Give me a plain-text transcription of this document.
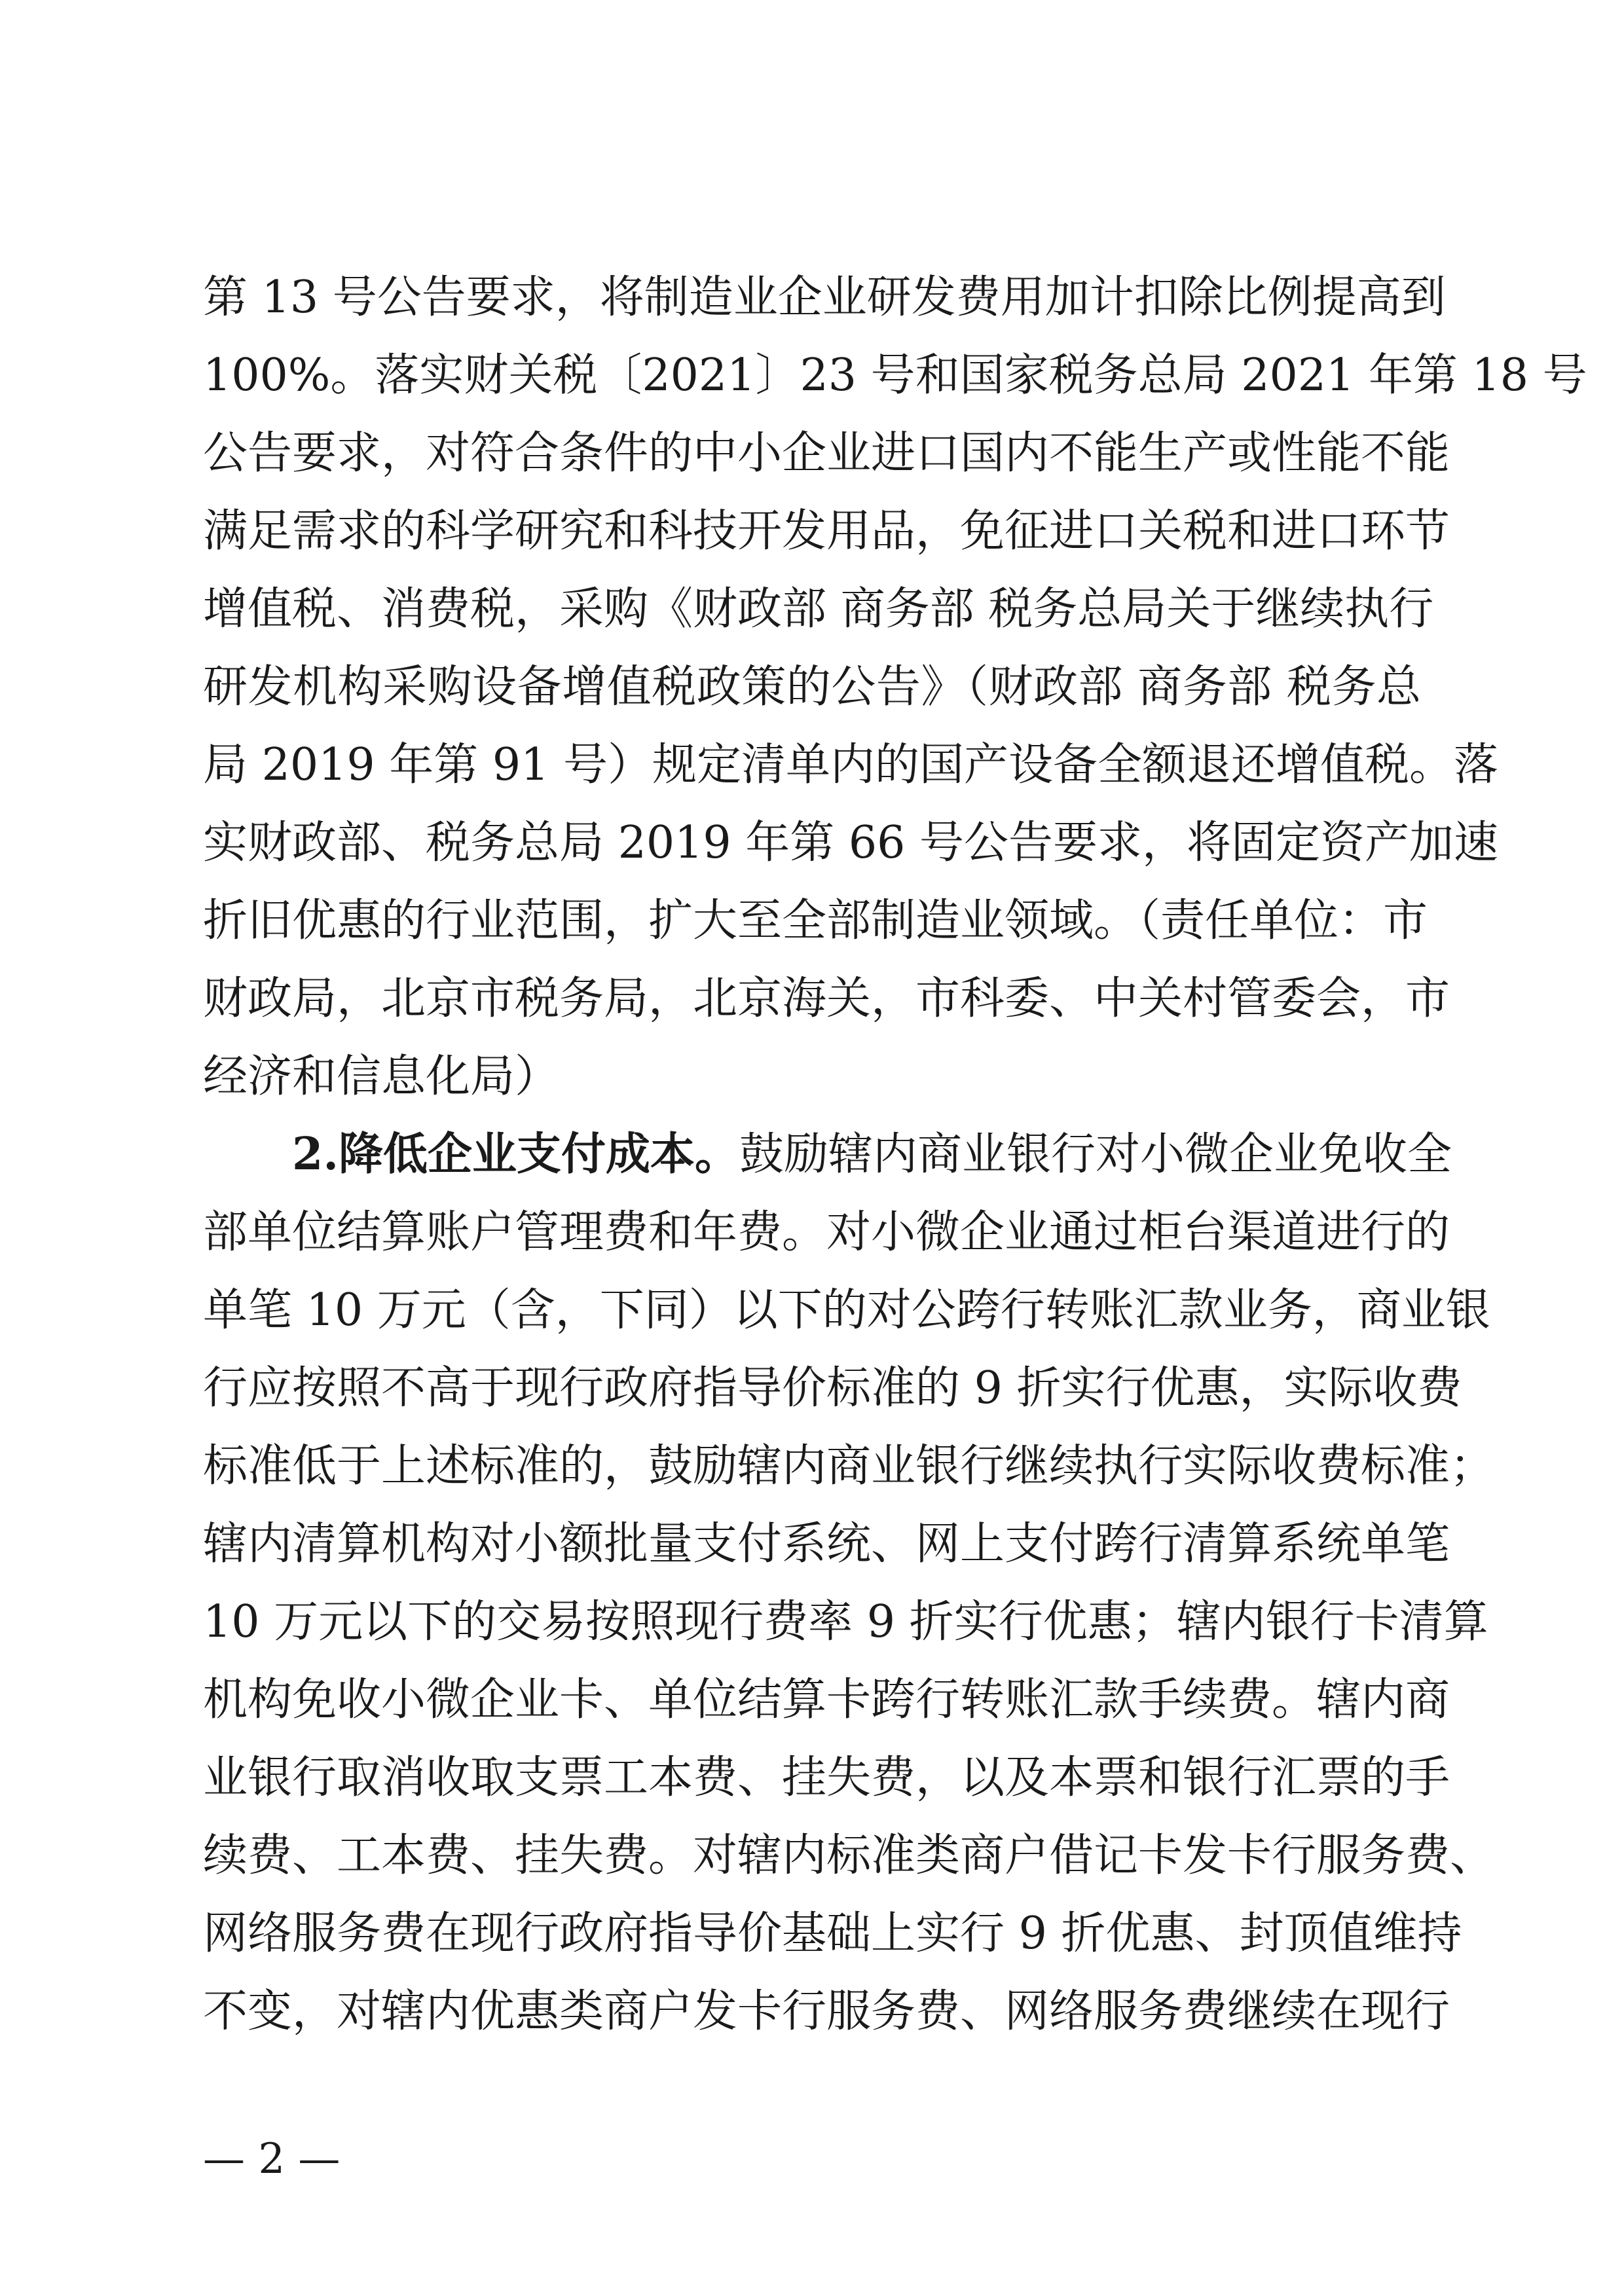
第 13 号公告要求，将制造业企业研发费用加计扣除比例提高到
100%。落实财关税〔2021〕23 号和国家税务总局 2021 年第 18 号
公告要求，对符合条件的中小企业进口国内不能生产或性能不能
满足需求的科学研究和科技开发用品，免征进口关税和进口环节
增值税、消费税，采购《财政部 商务部 税务总局关于继续执行
研发机构采购设备增值税政策的公告》（财政部 商务部 税务总
局 2019 年第 91 号）规定清单内的国产设备全额退还增值税。落
实财政部、税务总局 2019 年第 66 号公告要求，将固定资产加速
折旧优惠的行业范围，扩大至全部制造业领域。（责任单位：市
财政局，北京市税务局，北京海关，市科委、中关村管委会，市
经济和信息化局）
2.降低企业支付成本。鼓励辖内商业银行对小微企业免收全
部单位结算账户管理费和年费。对小微企业通过柜台渠道进行的
单笔 10 万元（含，下同）以下的对公跨行转账汇款业务，商业银
行应按照不高于现行政府指导价标准的 9 折实行优惠，实际收费
标准低于上述标准的，鼓励辖内商业银行继续执行实际收费标准；
辖内清算机构对小额批量支付系统、网上支付跨行清算系统单笔
10 万元以下的交易按照现行费率 9 折实行优惠；辖内银行卡清算
机构免收小微企业卡、单位结算卡跨行转账汇款手续费。辖内商
业银行取消收取支票工本费、挂失费，以及本票和银行汇票的手
续费、工本费、挂失费。对辖内标准类商户借记卡发卡行服务费、
网络服务费在现行政府指导价基础上实行 9 折优惠、封顶值维持
不变，对辖内优惠类商户发卡行服务费、网络服务费继续在现行
— 2 —
